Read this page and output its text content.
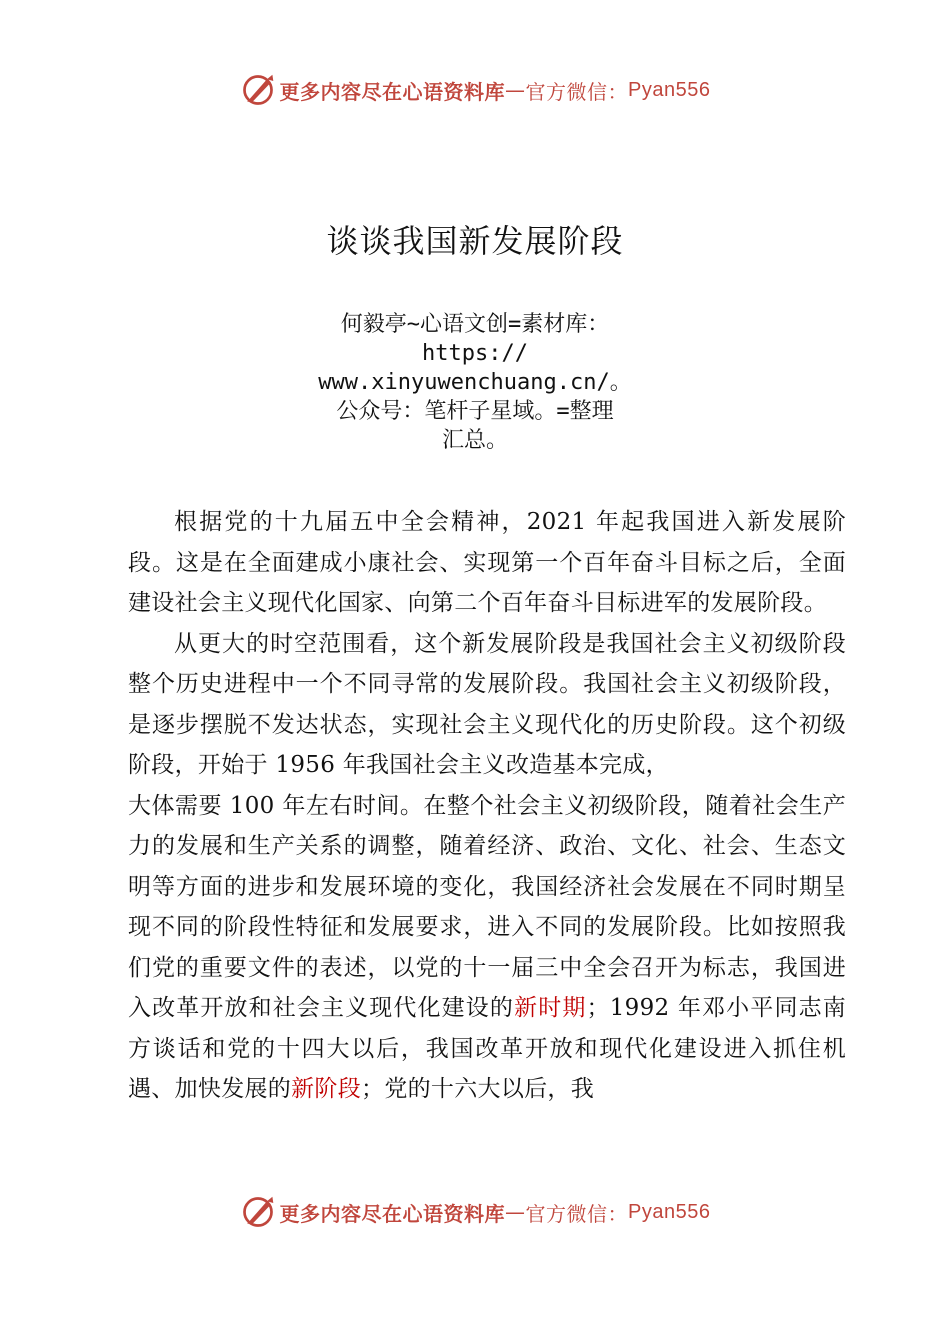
更多内容尽在心语资料库 — 官方微信： Pyan556
谈谈我国新发展阶段
何毅亭~心语文创=素材库：
https://
www.xinyuwenchuang.cn/。
公众号：笔杆子星域。=整理
汇总。

根据党的十九届五中全会精神，2021 年起我国进入新发展阶段。这是在全面建成小康社会、实现第一个百年奋斗目标之后，全面建设社会主义现代化国家、向第二个百年奋斗目标进军的发展阶段。

从更大的时空范围看，这个新发展阶段是我国社会主义初级阶段整个历史进程中一个不同寻常的发展阶段。我国社会主义初级阶段，是逐步摆脱不发达状态，实现社会主义现代化的历史阶段。这个初级阶段，开始于 1956 年我国社会主义改造基本完成，

大体需要 100 年左右时间。在整个社会主义初级阶段，随着社会生产力的发展和生产关系的调整，随着经济、政治、文化、社会、生态文明等方面的进步和发展环境的变化，我国经济社会发展在不同时期呈现不同的阶段性特征和发展要求，进入不同的发展阶段。比如按照我们党的重要文件的表述，以党的十一届三中全会召开为标志，我国进入改革开放和社会主义现代化建设的新时期；1992 年邓小平同志南方谈话和党的十四大以后，我国改革开放和现代化建设进入抓住机遇、加快发展的新阶段；党的十六大以后，我

更多内容尽在心语资料库 — 官方微信： Pyan556
